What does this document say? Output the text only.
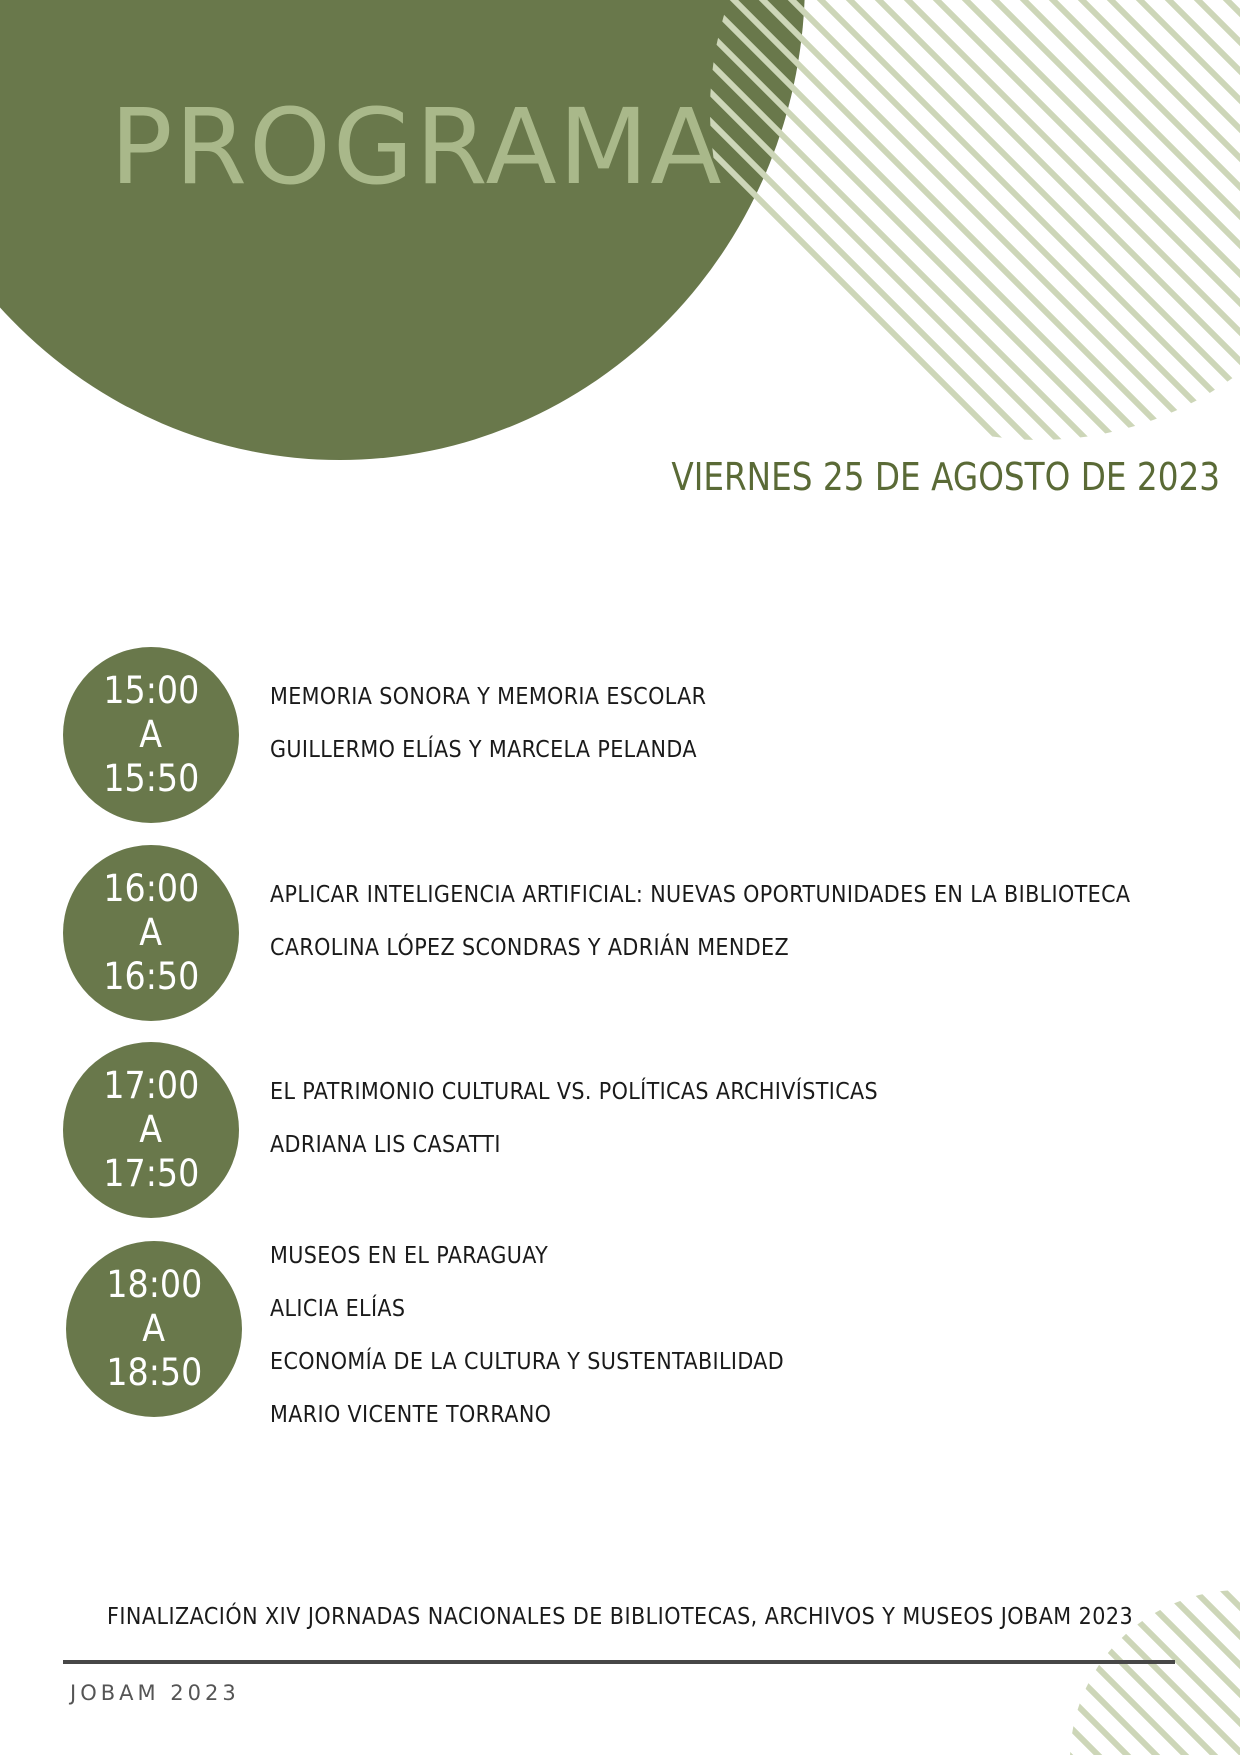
PROGRAMA
VIERNES 25 DE AGOSTO DE 2023
15:00
A
15:50
MEMORIA SONORA Y MEMORIA ESCOLAR
GUILLERMO ELÍAS Y MARCELA PELANDA
16:00
A
16:50
APLICAR INTELIGENCIA ARTIFICIAL: NUEVAS OPORTUNIDADES EN LA BIBLIOTECA
CAROLINA LÓPEZ SCONDRAS Y ADRIÁN MENDEZ
17:00
A
17:50
EL PATRIMONIO CULTURAL VS. POLÍTICAS ARCHIVÍSTICAS
ADRIANA LIS CASATTI
18:00
A
18:50
MUSEOS EN EL PARAGUAY
ALICIA ELÍAS
ECONOMÍA DE LA CULTURA Y SUSTENTABILIDAD
MARIO VICENTE TORRANO
FINALIZACIÓN XIV JORNADAS NACIONALES DE BIBLIOTECAS, ARCHIVOS Y MUSEOS JOBAM 2023
JOBAM 2023
